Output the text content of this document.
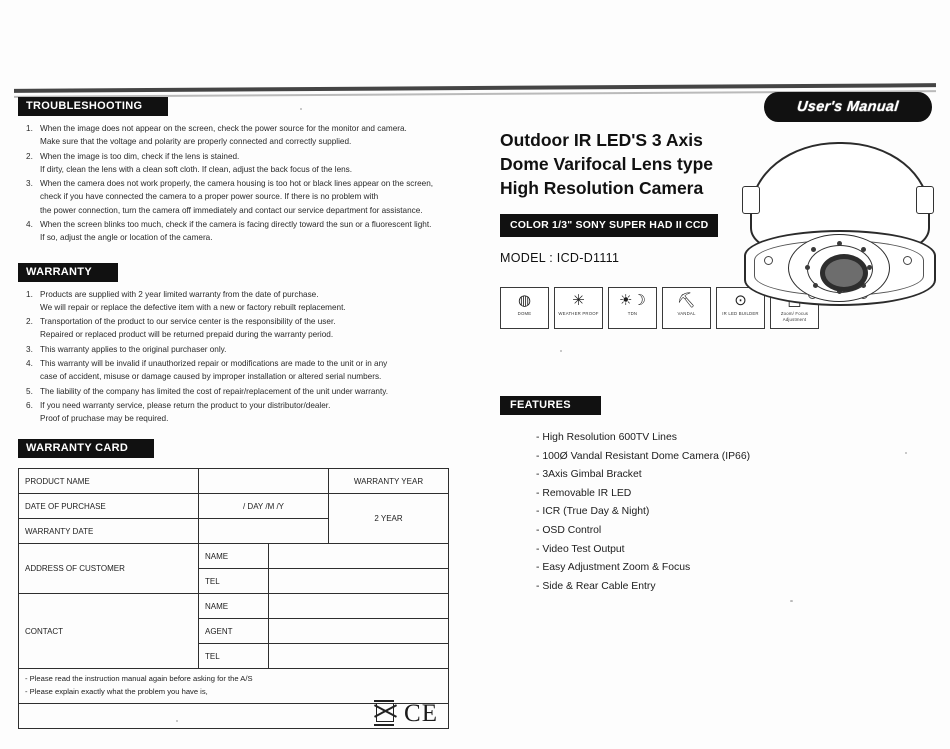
TROUBLESHOOTING
When the image does not appear on the screen, check the power source for the monitor and camera.
Make sure that the voltage and polarity are properly connected and correctly supplied.
When the image is too dim, check if the lens is stained.
If dirty, clean the lens with a clean soft cloth. If clean, adjust the back focus of the lens.
When the camera does not work properly, the camera housing is too hot or black lines appear on the screen,
check if you have connected the camera to a proper power source. If there is no problem with
the power connection, turn the camera off immediately and contact our service department for assistance.
When the screen blinks too much, check if the camera is facing directly toward the sun or a fluorescent light.
If so, adjust the angle or location of the camera.
WARRANTY
Products are supplied with 2 year limited warranty from the date of purchase.
We will repair or replace the defective item with a new or factory rebuilt replacement.
Transportation of the product to our service center is the responsibility of the user.
Repaired or replaced product will be returned prepaid during the warranty period.
This warranty applies to the original purchaser only.
This warranty will be invalid if unauthorized repair or modifications are made to the unit or in any
case of accident, misuse or damage caused by improper installation or altered serial numbers.
The liability of the company has limited the cost of repair/replacement of the unit under warranty.
If you need warranty service, please return the product to your distributor/dealer.
Proof of pruchase may be required.
WARRANTY CARD
PRODUCT NAME			WARRANTY YEAR
DATE OF PURCHASE	/ DAY /M /Y		2 YEAR
WARRANTY DATE			
ADDRESS OF CUSTOMER	NAME		
	TEL		
CONTACT	NAME		
	AGENT		
	TEL		

- Please read the instruction manual again before asking for the A/S
- Please explain exactly what the problem you have is,			

CE			
User's Manual
Outdoor IR LED'S 3 Axis
Dome Varifocal Lens type
High Resolution Camera
COLOR 1/3" SONY SUPER HAD II CCD
MODEL : ICD-D1111
◍
DOME
✳
WEATHER PROOF
☀☽
TDN
⛏
VANDAL
⊙
IR LED BUILDER	Zoom/ Focus Adjustment
FEATURES
- High Resolution 600TV Lines
- 100Ø Vandal Resistant Dome Camera (IP66)
- 3Axis Gimbal Bracket
- Removable IR LED
- ICR (True Day & Night)
- OSD Control
- Video Test Output
- Easy Adjustment Zoom & Focus
- Side & Rear Cable Entry
